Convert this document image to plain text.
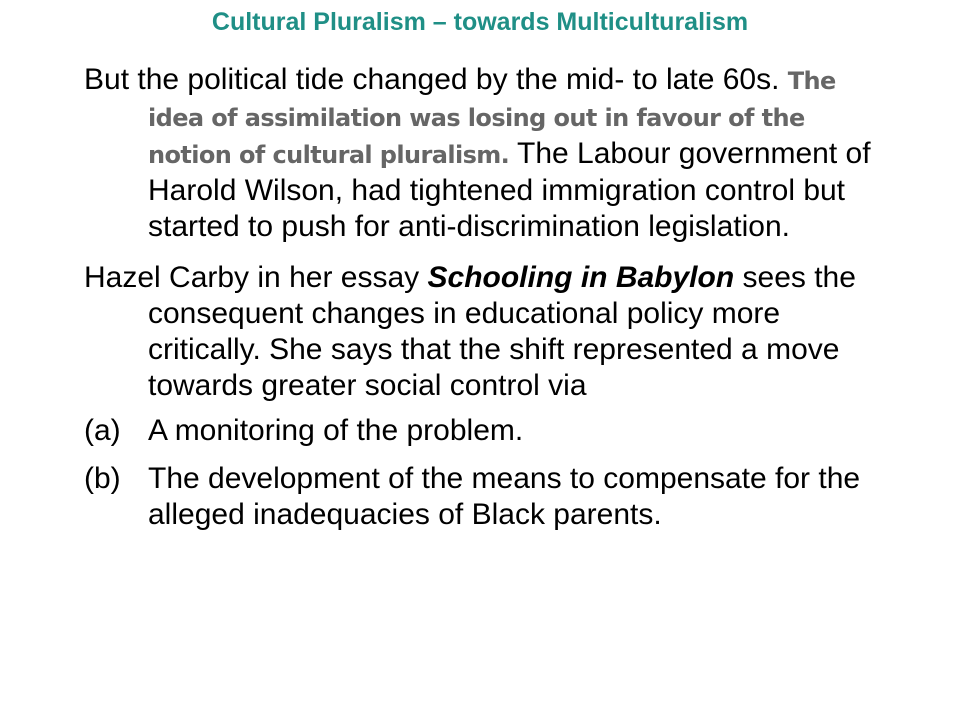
Cultural Pluralism – towards Multiculturalism

But the political tide changed by the mid- to late 60s. The idea of assimilation was losing out in favour of the notion of cultural pluralism. The Labour government of Harold Wilson, had tightened immigration control but started to push for anti-discrimination legislation.

Hazel Carby in her essay Schooling in Babylon sees the consequent changes in educational policy more critically. She says that the shift represented a move towards greater social control via

(a) A monitoring of the problem.

(b) The development of the means to compensate for the alleged inadequacies of Black parents.
